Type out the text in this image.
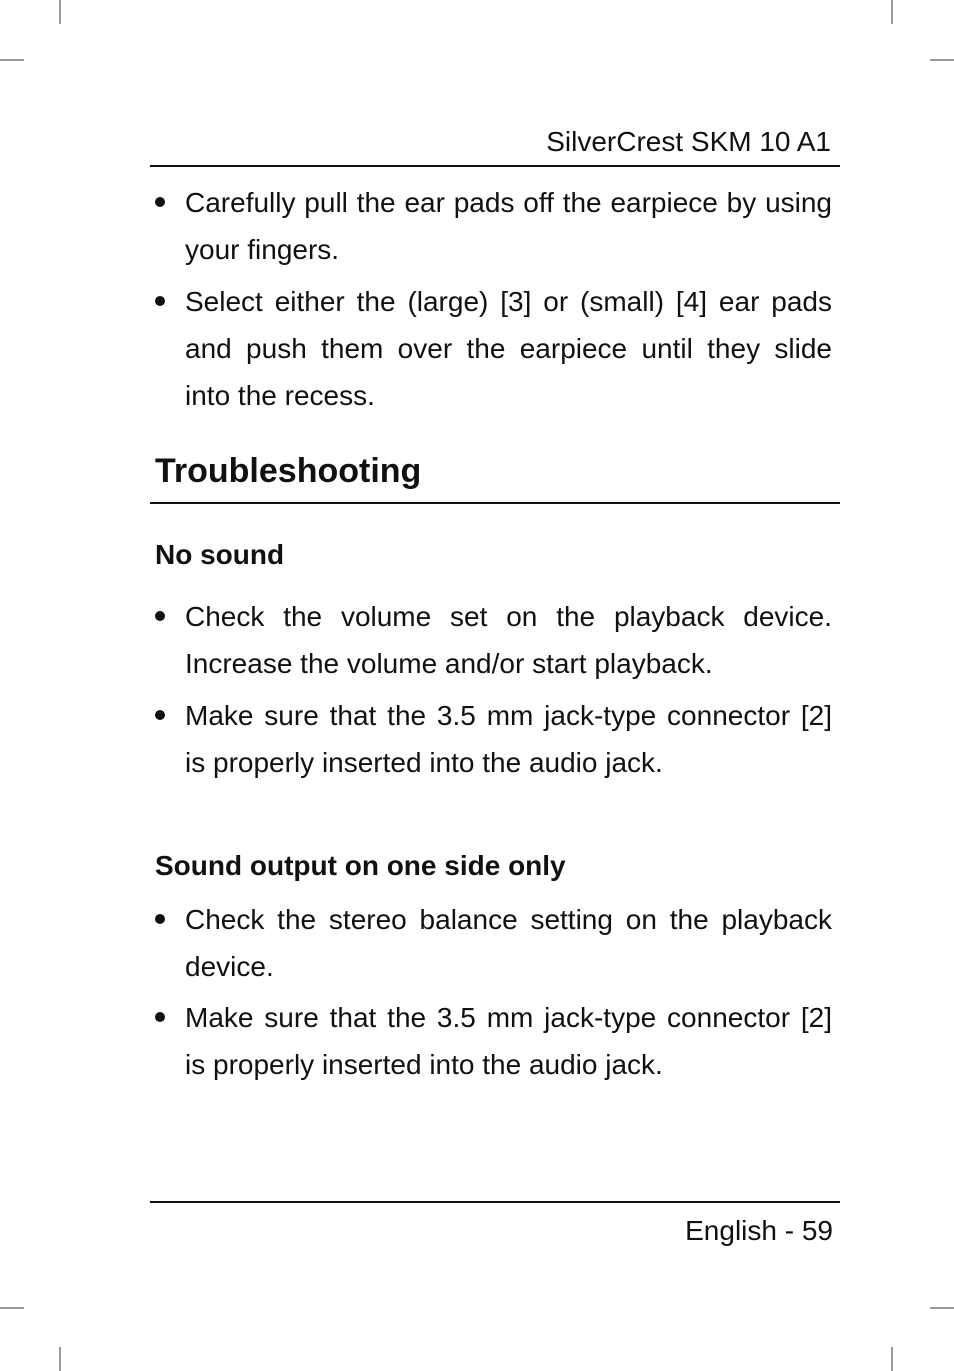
SilverCrest SKM 10 A1
Carefully pull the ear pads off the earpiece by using your fingers.
Select either the (large) [3] or (small) [4] ear pads and push them over the earpiece until they slide into the recess.
Troubleshooting
No sound
Check the volume set on the playback device. Increase the volume and/or start playback.
Make sure that the 3.5 mm jack-type connector [2] is properly inserted into the audio jack.
Sound output on one side only
Check the stereo balance setting on the playback device.
Make sure that the 3.5 mm jack-type connector [2] is properly inserted into the audio jack.
English - 59
